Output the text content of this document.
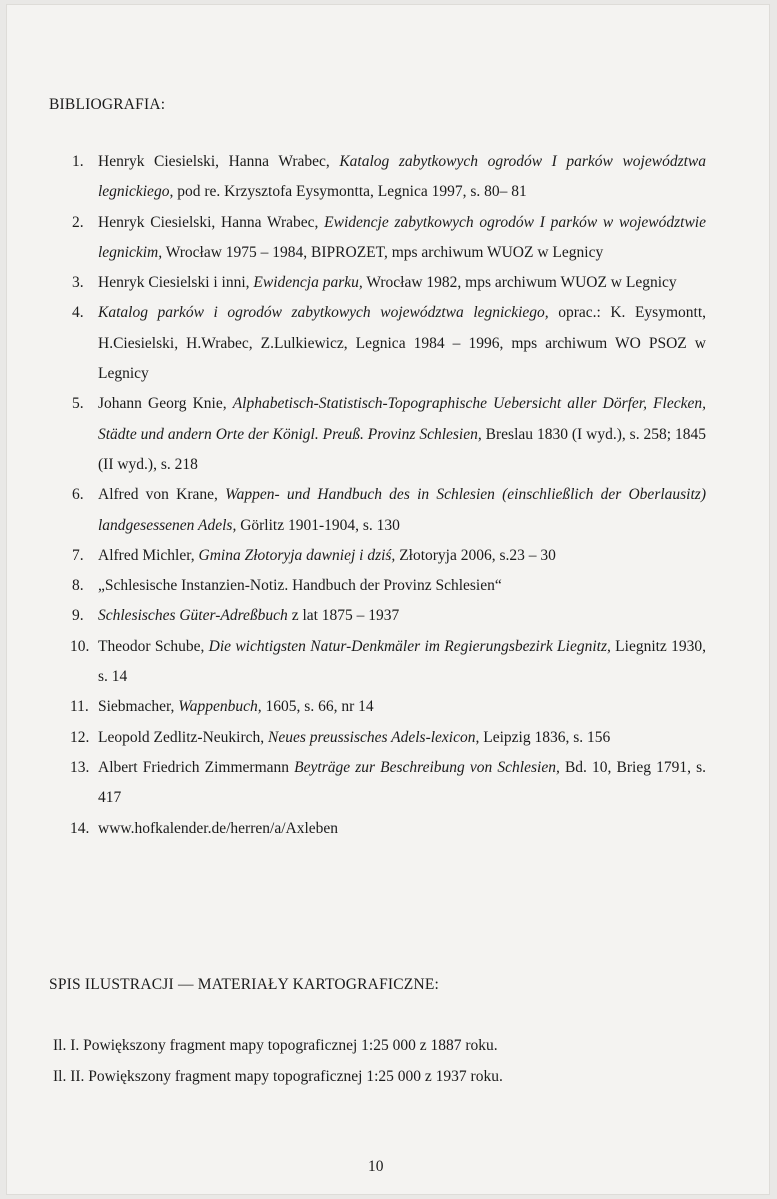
BIBLIOGRAFIA:
1. Henryk Ciesielski, Hanna Wrabec, Katalog zabytkowych ogrodów I parków województwa legnickiego, pod re. Krzysztofa Eysymontta, Legnica 1997, s. 80– 81
2. Henryk Ciesielski, Hanna Wrabec, Ewidencje zabytkowych ogrodów I parków w województwie legnickim, Wrocław 1975 – 1984, BIPROZET, mps archiwum WUOZ w Legnicy
3. Henryk Ciesielski i inni, Ewidencja parku, Wrocław 1982, mps archiwum WUOZ w Legnicy
4. Katalog parków i ogrodów zabytkowych województwa legnickiego, oprac.: K. Eysymontt, H.Ciesielski, H.Wrabec, Z.Lulkiewicz, Legnica 1984 – 1996, mps archiwum WO PSOZ w Legnicy
5. Johann Georg Knie, Alphabetisch-Statistisch-Topographische Uebersicht aller Dörfer, Flecken, Städte und andern Orte der Königl. Preuß. Provinz Schlesien, Breslau 1830 (I wyd.), s. 258; 1845 (II wyd.), s. 218
6. Alfred von Krane, Wappen- und Handbuch des in Schlesien (einschließlich der Oberlausitz) landgesessenen Adels, Görlitz 1901-1904, s. 130
7. Alfred Michler, Gmina Złotoryja dawniej i dziś, Złotoryja 2006, s.23 – 30
8. „Schlesische Instanzien-Notiz. Handbuch der Provinz Schlesien“
9. Schlesisches Güter-Adreßbuch z lat 1875 – 1937
10. Theodor Schube, Die wichtigsten Natur-Denkmäler im Regierungsbezirk Liegnitz, Liegnitz 1930, s. 14
11. Siebmacher, Wappenbuch, 1605, s. 66, nr 14
12. Leopold Zedlitz-Neukirch, Neues preussisches Adels-lexicon, Leipzig 1836, s. 156
13. Albert Friedrich Zimmermann Beyträge zur Beschreibung von Schlesien, Bd. 10, Brieg 1791, s. 417
14. www.hofkalender.de/herren/a/Axleben
SPIS ILUSTRACJI — MATERIAŁY KARTOGRAFICZNE:
Il. I. Powiększony fragment mapy topograficznej 1:25 000 z 1887 roku.
Il. II. Powiększony fragment mapy topograficznej 1:25 000 z 1937 roku.
10
